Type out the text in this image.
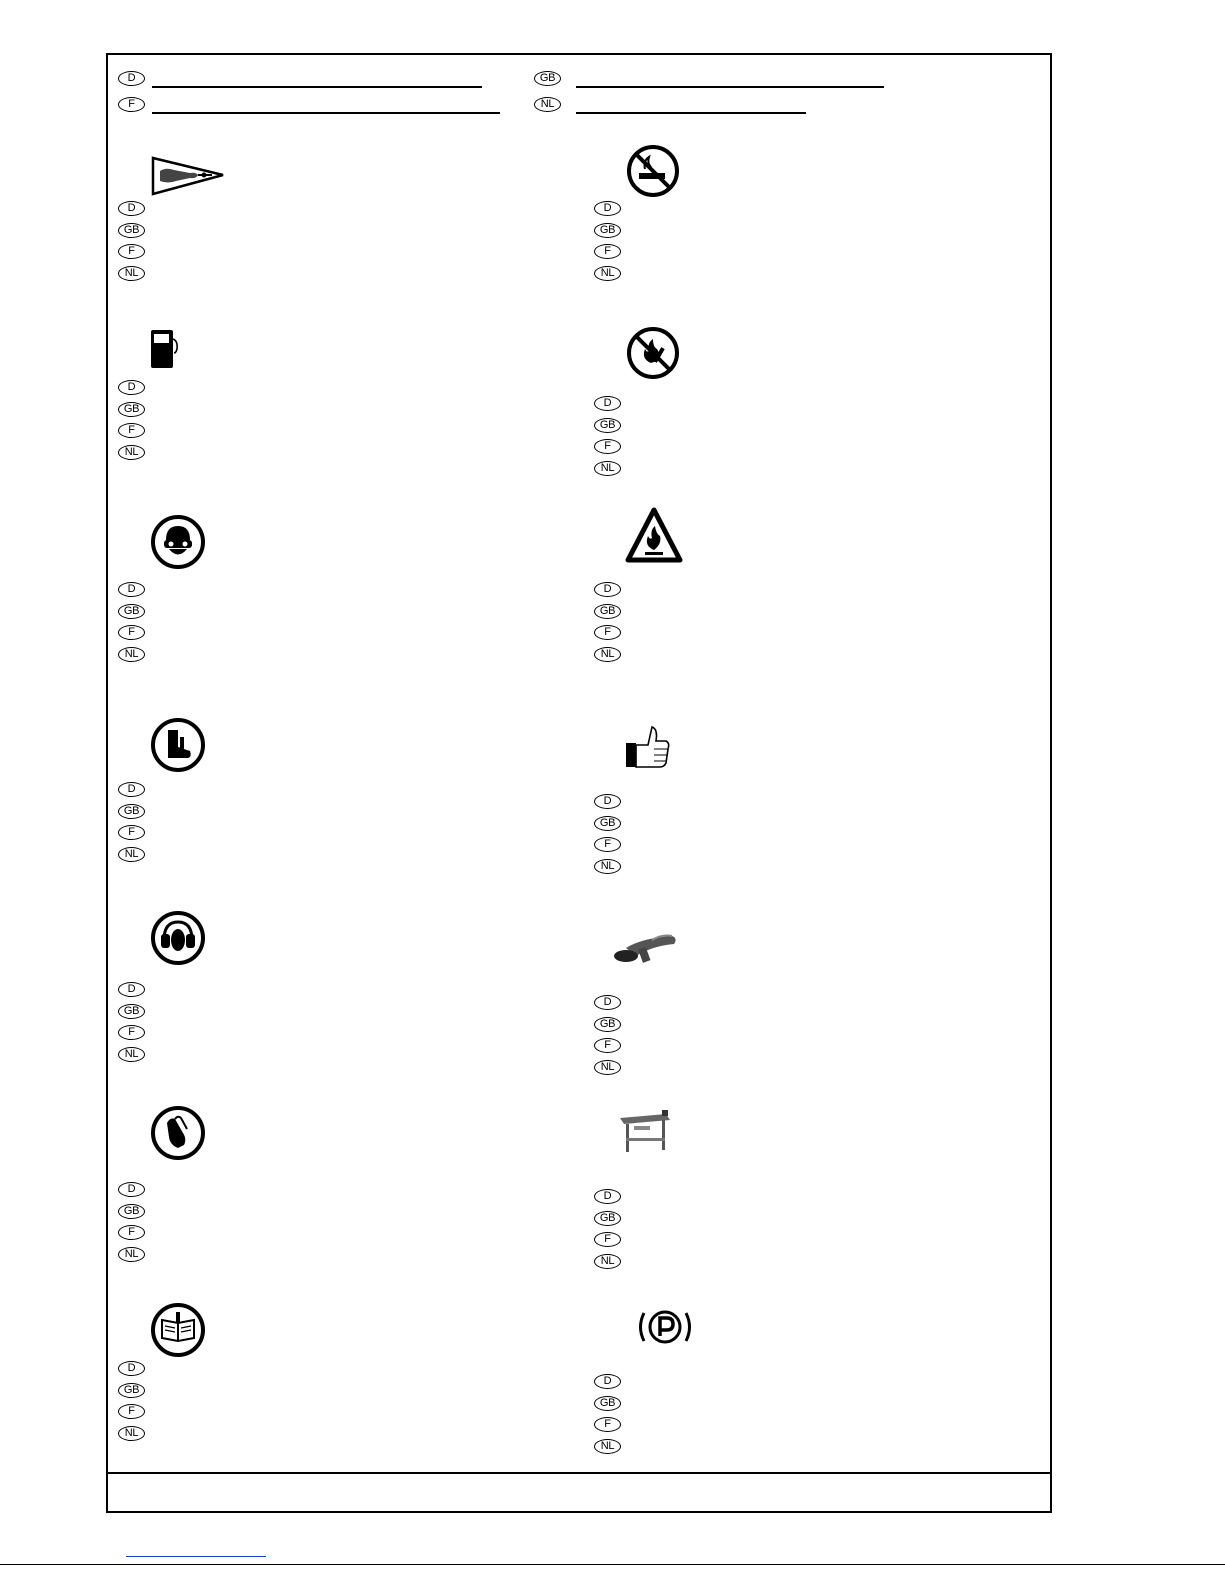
D	GB
F	NL
D
GB
F
NL
D
GB
F
NL
D
GB
F
NL
D
GB
F
NL
D
GB
F
NL
D
GB
F
NL
D
GB
F
NL
D
GB
F
NL
D
GB
F
NL
D
GB
F
NL
D
GB
F
NL
D
GB
F
NL
D
GB
F
NL
D
GB
F
NL
